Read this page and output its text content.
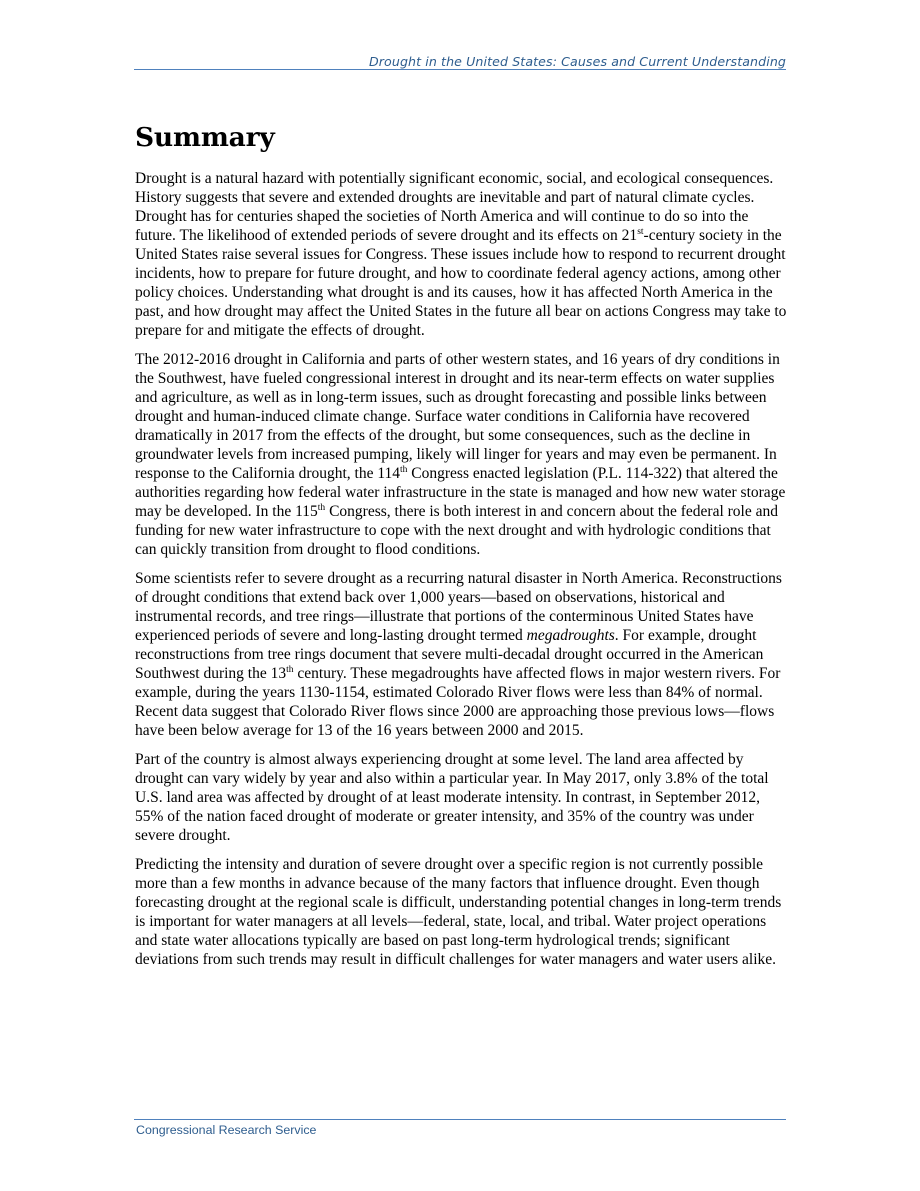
Drought in the United States: Causes and Current Understanding
Summary

Drought is a natural hazard with potentially significant economic, social, and ecological consequences. History suggests that severe and extended droughts are inevitable and part of natural climate cycles. Drought has for centuries shaped the societies of North America and will continue to do so into the future. The likelihood of extended periods of severe drought and its effects on 21st-century society in the United States raise several issues for Congress. These issues include how to respond to recurrent drought incidents, how to prepare for future drought, and how to coordinate federal agency actions, among other policy choices. Understanding what drought is and its causes, how it has affected North America in the past, and how drought may affect the United States in the future all bear on actions Congress may take to prepare for and mitigate the effects of drought.

The 2012-2016 drought in California and parts of other western states, and 16 years of dry conditions in the Southwest, have fueled congressional interest in drought and its near-term effects on water supplies and agriculture, as well as in long-term issues, such as drought forecasting and possible links between drought and human-induced climate change. Surface water conditions in California have recovered dramatically in 2017 from the effects of the drought, but some consequences, such as the decline in groundwater levels from increased pumping, likely will linger for years and may even be permanent. In response to the California drought, the 114th Congress enacted legislation (P.L. 114-322) that altered the authorities regarding how federal water infrastructure in the state is managed and how new water storage may be developed. In the 115th Congress, there is both interest in and concern about the federal role and funding for new water infrastructure to cope with the next drought and with hydrologic conditions that can quickly transition from drought to flood conditions.

Some scientists refer to severe drought as a recurring natural disaster in North America. Reconstructions of drought conditions that extend back over 1,000 years—based on observations, historical and instrumental records, and tree rings—illustrate that portions of the conterminous United States have experienced periods of severe and long-lasting drought termed megadroughts. For example, drought reconstructions from tree rings document that severe multi-decadal drought occurred in the American Southwest during the 13th century. These megadroughts have affected flows in major western rivers. For example, during the years 1130-1154, estimated Colorado River flows were less than 84% of normal. Recent data suggest that Colorado River flows since 2000 are approaching those previous lows—flows have been below average for 13 of the 16 years between 2000 and 2015.

Part of the country is almost always experiencing drought at some level. The land area affected by drought can vary widely by year and also within a particular year. In May 2017, only 3.8% of the total U.S. land area was affected by drought of at least moderate intensity. In contrast, in September 2012, 55% of the nation faced drought of moderate or greater intensity, and 35% of the country was under severe drought.

Predicting the intensity and duration of severe drought over a specific region is not currently possible more than a few months in advance because of the many factors that influence drought. Even though forecasting drought at the regional scale is difficult, understanding potential changes in long-term trends is important for water managers at all levels—federal, state, local, and tribal. Water project operations and state water allocations typically are based on past long-term hydrological trends; significant deviations from such trends may result in difficult challenges for water managers and water users alike.

Congressional Research Service
